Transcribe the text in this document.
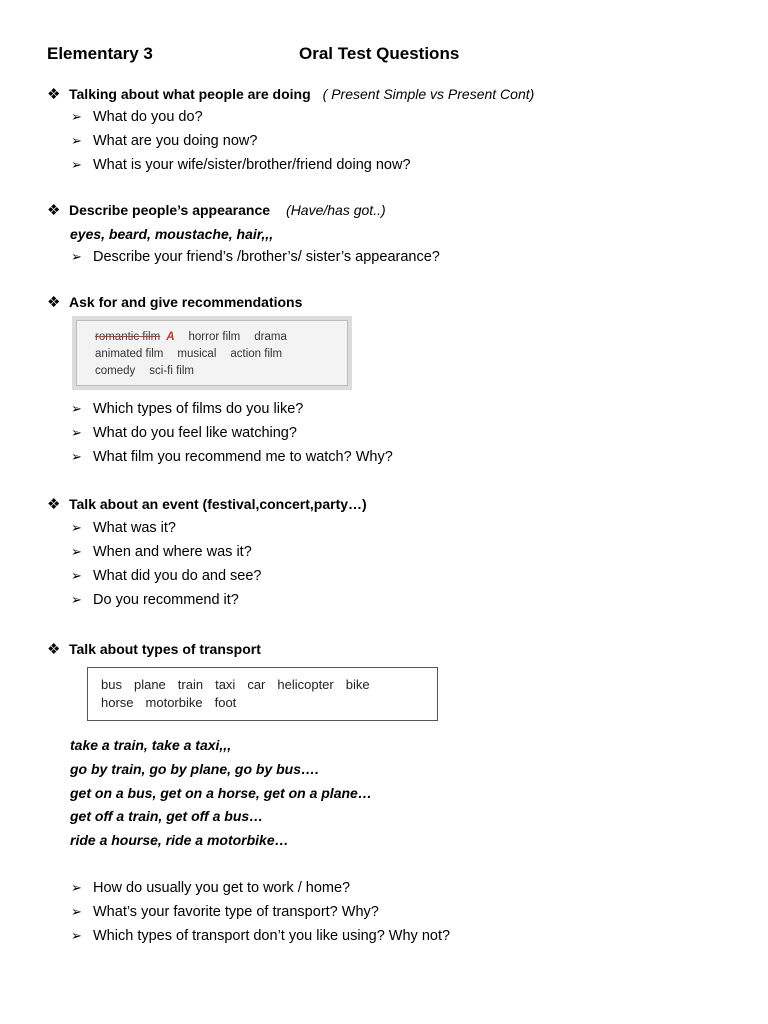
Elementary 3	Oral Test Questions
❖ Talking about what people are doing ( Present Simple vs Present Cont)
➢ What do you do?
➢ What are you doing now?
➢ What is your wife/sister/brother/friend doing now?
❖ Describe people’s appearance (Have/has got..)
eyes, beard, moustache, hair,,,
➢ Describe your friend’s /brother’s/ sister’s appearance?
❖ Ask for and give recommendations
romantic film A horror film drama
animated film musical action film
comedy sci-fi film
➢ Which types of films do you like?
➢ What do you feel like watching?
➢ What film you recommend me to watch? Why?
❖ Talk about an event (festival,concert,party…)
➢ What was it?
➢ When and where was it?
➢ What did you do and see?
➢ Do you recommend it?
❖ Talk about types of transport
bus plane train taxi car helicopter bike
horse motorbike foot
take a train, take a taxi,,,
go by train, go by plane, go by bus….
get on a bus, get on a horse, get on a plane…
get off a train, get off a bus…
ride a hourse, ride a motorbike…
➢ How do usually you get to work / home?
➢ What’s your favorite type of transport? Why?
➢ Which types of transport don’t you like using? Why not?
